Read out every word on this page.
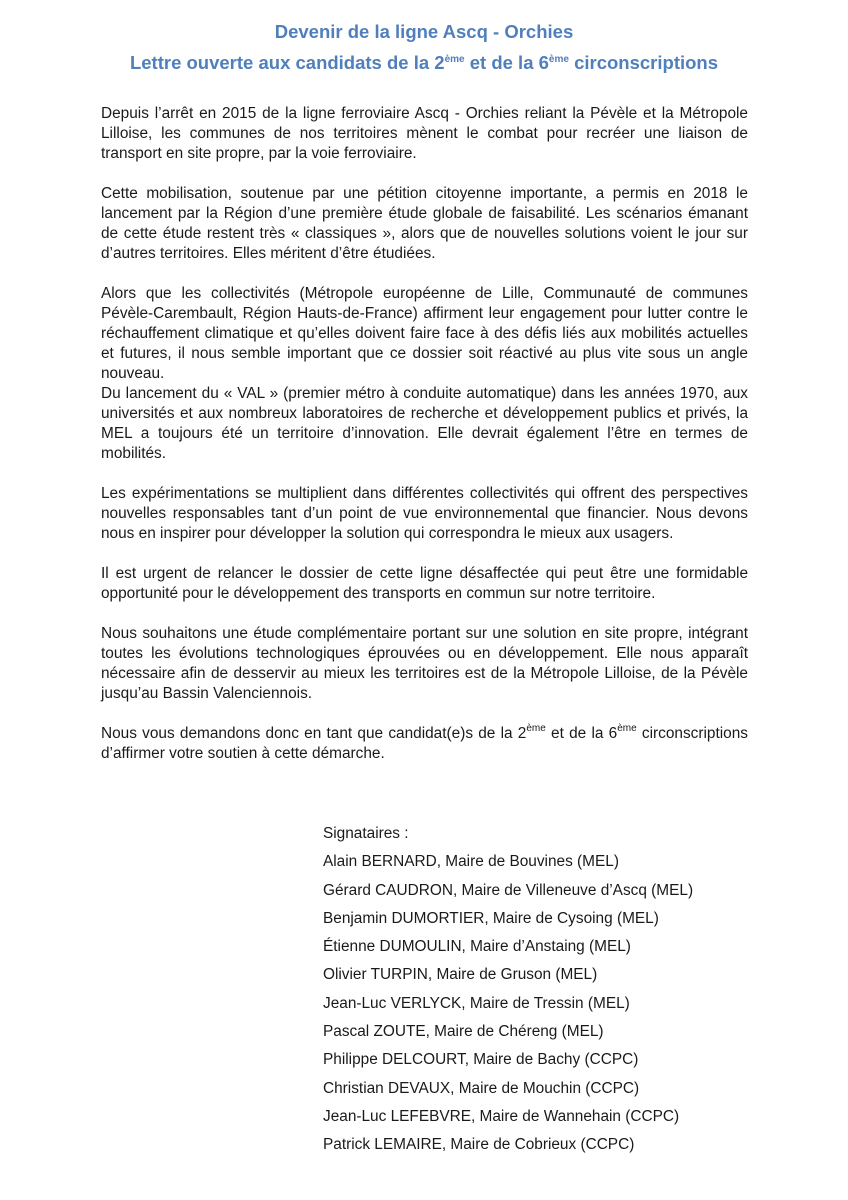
Devenir de la ligne Ascq - Orchies
Lettre ouverte aux candidats de la 2ème et de la 6ème circonscriptions

Depuis l’arrêt en 2015 de la ligne ferroviaire Ascq - Orchies reliant la Pévèle et la Métropole Lilloise, les communes de nos territoires mènent le combat pour recréer une liaison de transport en site propre, par la voie ferroviaire.

Cette mobilisation, soutenue par une pétition citoyenne importante, a permis en 2018 le lancement par la Région d’une première étude globale de faisabilité. Les scénarios émanant de cette étude restent très « classiques », alors que de nouvelles solutions voient le jour sur d’autres territoires. Elles méritent d’être étudiées.

Alors que les collectivités (Métropole européenne de Lille, Communauté de communes Pévèle-Carembault, Région Hauts-de-France) affirment leur engagement pour lutter contre le réchauffement climatique et qu’elles doivent faire face à des défis liés aux mobilités actuelles et futures, il nous semble important que ce dossier soit réactivé au plus vite sous un angle nouveau.

Du lancement du « VAL » (premier métro à conduite automatique) dans les années 1970, aux universités et aux nombreux laboratoires de recherche et développement publics et privés, la MEL a toujours été un territoire d’innovation. Elle devrait également l’être en termes de mobilités.

Les expérimentations se multiplient dans différentes collectivités qui offrent des perspectives nouvelles responsables tant d’un point de vue environnemental que financier. Nous devons nous en inspirer pour développer la solution qui correspondra le mieux aux usagers.

Il est urgent de relancer le dossier de cette ligne désaffectée qui peut être une formidable opportunité pour le développement des transports en commun sur notre territoire.

Nous souhaitons une étude complémentaire portant sur une solution en site propre, intégrant toutes les évolutions technologiques éprouvées ou en développement. Elle nous apparaît nécessaire afin de desservir au mieux les territoires est de la Métropole Lilloise, de la Pévèle jusqu’au Bassin Valenciennois.

Nous vous demandons donc en tant que candidat(e)s de la 2ème et de la 6ème circonscriptions d’affirmer votre soutien à cette démarche.

Signataires :
Alain BERNARD, Maire de Bouvines (MEL)
Gérard CAUDRON, Maire de Villeneuve d’Ascq (MEL)
Benjamin DUMORTIER, Maire de Cysoing (MEL)
Étienne DUMOULIN, Maire d’Anstaing (MEL)
Olivier TURPIN, Maire de Gruson (MEL)
Jean-Luc VERLYCK, Maire de Tressin (MEL)
Pascal ZOUTE, Maire de Chéreng (MEL)
Philippe DELCOURT, Maire de Bachy (CCPC)
Christian DEVAUX, Maire de Mouchin (CCPC)
Jean-Luc LEFEBVRE, Maire de Wannehain (CCPC)
Patrick LEMAIRE, Maire de Cobrieux (CCPC)
